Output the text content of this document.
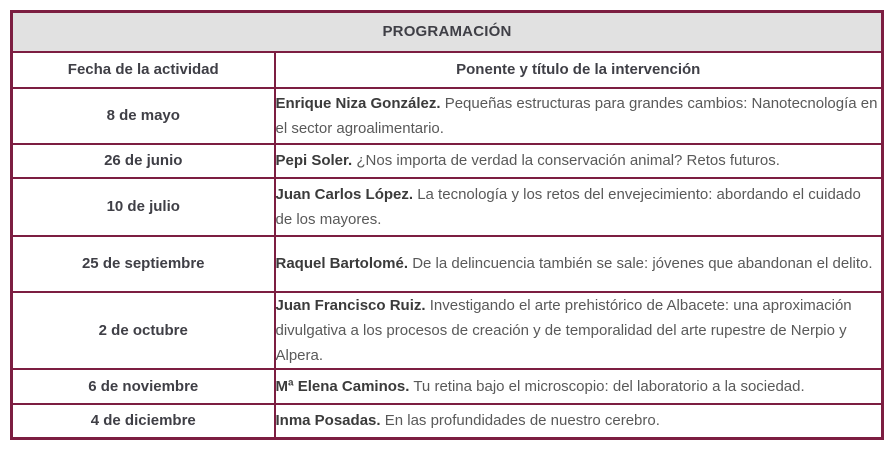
PROGRAMACIÓN	
Fecha de la actividad	Ponente y título de la intervención
8 de mayo	Enrique Niza González. Pequeñas estructuras para grandes cambios: Nanotecnología en el sector agroalimentario.
26 de junio	Pepi Soler. ¿Nos importa de verdad la conservación animal? Retos futuros.
10 de julio	Juan Carlos López. La tecnología y los retos del envejecimiento: abordando el cuidado de los mayores.
25 de septiembre	Raquel Bartolomé. De la delincuencia también se sale: jóvenes que abandonan el delito.
2 de octubre	Juan Francisco Ruiz. Investigando el arte prehistórico de Albacete: una aproximación divulgativa a los procesos de creación y de temporalidad del arte rupestre de Nerpio y Alpera.
6 de noviembre	Mª Elena Caminos. Tu retina bajo el microscopio: del laboratorio a la sociedad.
4 de diciembre	Inma Posadas. En las profundidades de nuestro cerebro.
